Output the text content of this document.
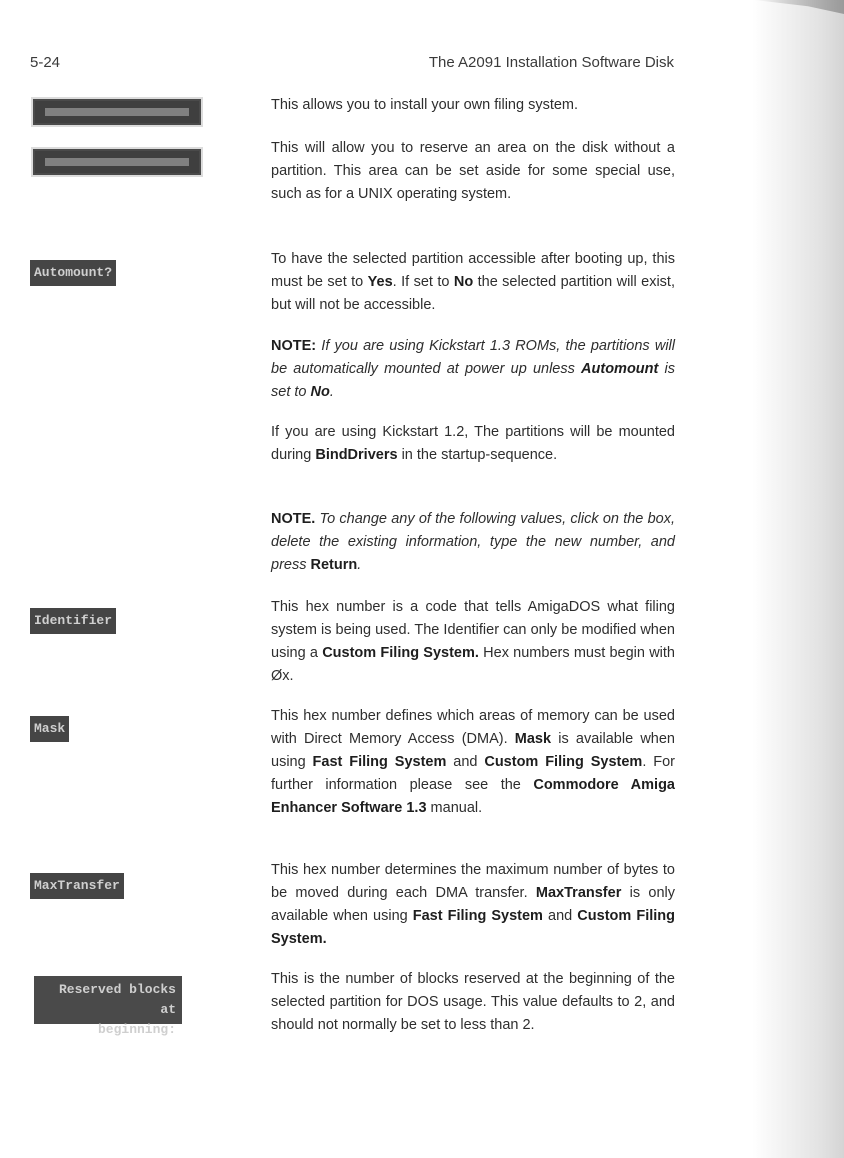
5-24	The A2091 Installation Software Disk
Automount?
Identifier
Mask
MaxTransfer
Reserved blocks at
beginning:

This allows you to install your own filing system.

This will allow you to reserve an area on the disk without a partition. This area can be set aside for some special use, such as for a UNIX operating system.

To have the selected partition accessible after booting up, this must be set to Yes. If set to No the selected partition will exist, but will not be accessible.

NOTE: If you are using Kickstart 1.3 ROMs, the partitions will be automatically mounted at power up unless Automount is set to No.

If you are using Kickstart 1.2, The partitions will be mounted during BindDrivers in the startup-sequence.

NOTE. To change any of the following values, click on the box, delete the existing information, type the new number, and press Return.

This hex number is a code that tells AmigaDOS what filing system is being used. The Identifier can only be modified when using a Custom Filing System. Hex numbers must begin with Øx.

This hex number defines which areas of memory can be used with Direct Memory Access (DMA). Mask is available when using Fast Filing System and Custom Filing System. For further information please see the Commodore Amiga Enhancer Software 1.3 manual.

This hex number determines the maximum number of bytes to be moved during each DMA transfer. MaxTransfer is only available when using Fast Filing System and Custom Filing System.

This is the number of blocks reserved at the beginning of the selected partition for DOS usage. This value defaults to 2, and should not normally be set to less than 2.
